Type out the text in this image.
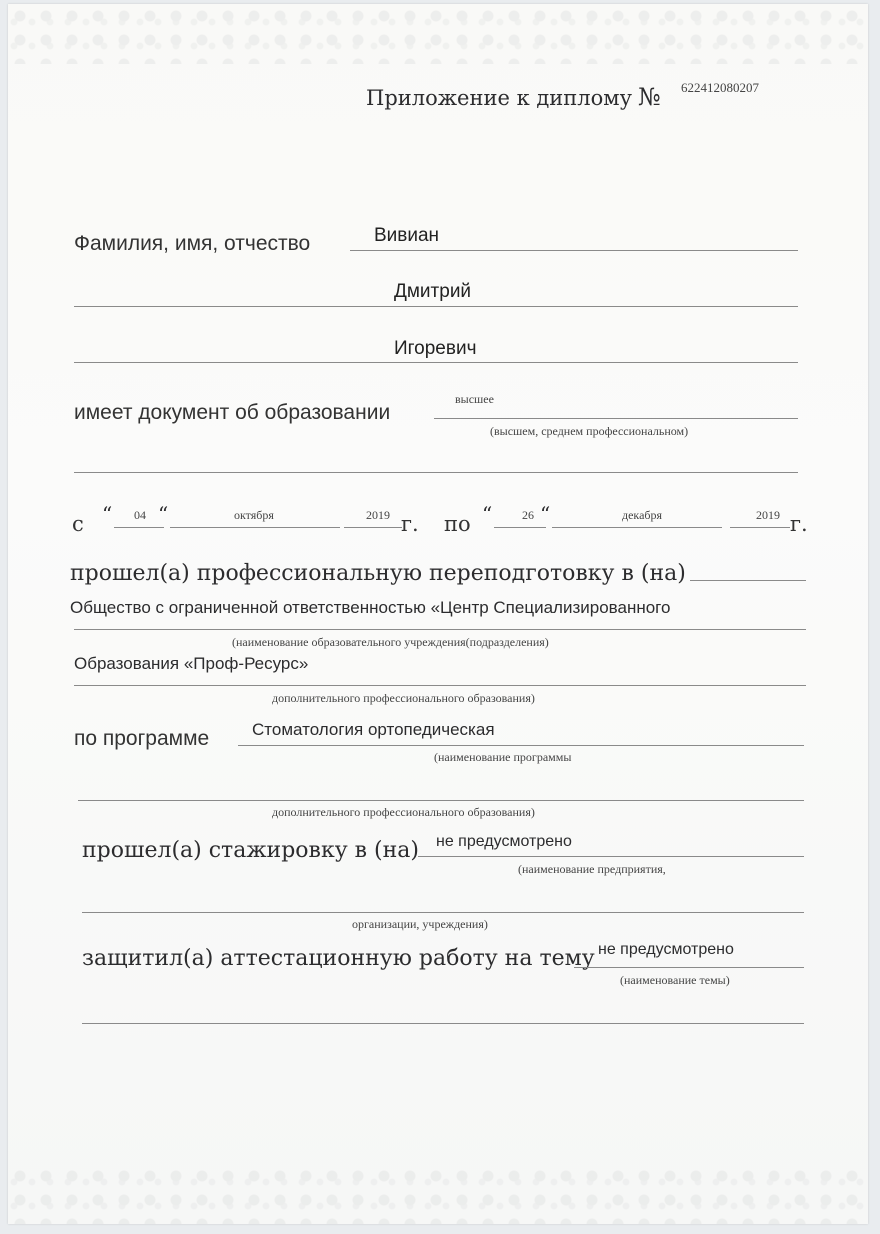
Приложение к диплому № 622412080207
Фамилия, имя, отчество	Вивиан
Дмитрий
Игоревич
имеет документ об образовании
высшее
(высшем, среднем профессиональном)
с “ 04 “	октября	2019 г. по “ 26 “	декабря	2019 г.
прошел(а) профессиональную переподготовку в (на)
Общество с ограниченной ответственностью «Центр Специализированного
(наименование образовательного учреждения(подразделения)
Образования «Проф-Ресурс»
дополнительного профессионального образования)
по программе	Стоматология ортопедическая
(наименование программы
дополнительного профессионального образования)
прошел(а) стажировку в (на) не предусмотрено
(наименование предприятия,
организации, учреждения)
защитил(а) аттестационную работу на тему не предусмотрено
(наименование темы)
